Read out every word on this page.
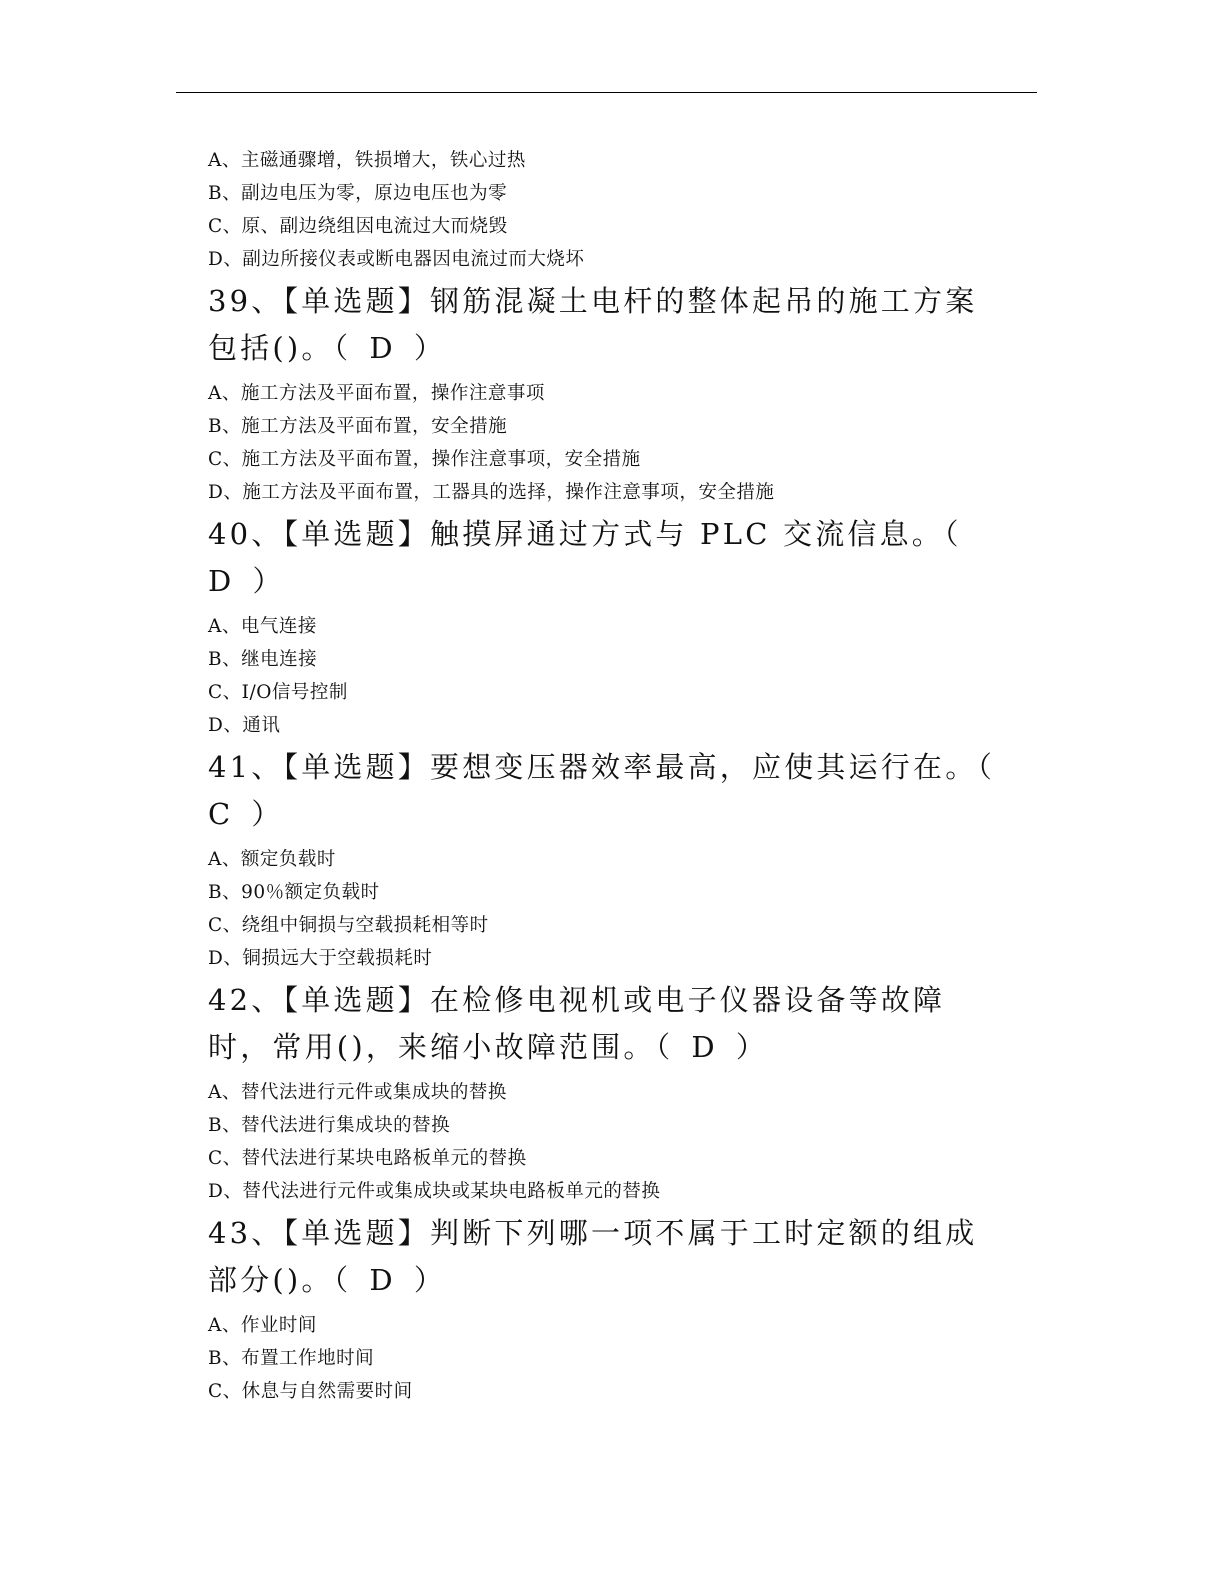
A、主磁通骤增，铁损增大，铁心过热
B、副边电压为零，原边电压也为零
C、原、副边绕组因电流过大而烧毁
D、副边所接仪表或断电器因电流过而大烧坏
39、【单选题】钢筋混凝土电杆的整体起吊的施工方案包括()。（ D ）
A、施工方法及平面布置，操作注意事项
B、施工方法及平面布置，安全措施
C、施工方法及平面布置，操作注意事项，安全措施
D、施工方法及平面布置，工器具的选择，操作注意事项，安全措施
40、【单选题】触摸屏通过方式与 PLC 交流信息。（ D ）
A、电气连接
B、继电连接
C、I/O信号控制
D、通讯
41、【单选题】要想变压器效率最高，应使其运行在。（ C ）
A、额定负载时
B、90％额定负载时
C、绕组中铜损与空载损耗相等时
D、铜损远大于空载损耗时
42、【单选题】在检修电视机或电子仪器设备等故障时，常用()，来缩小故障范围。（ D ）
A、替代法进行元件或集成块的替换
B、替代法进行集成块的替换
C、替代法进行某块电路板单元的替换
D、替代法进行元件或集成块或某块电路板单元的替换
43、【单选题】判断下列哪一项不属于工时定额的组成部分()。（ D ）
A、作业时间
B、布置工作地时间
C、休息与自然需要时间
